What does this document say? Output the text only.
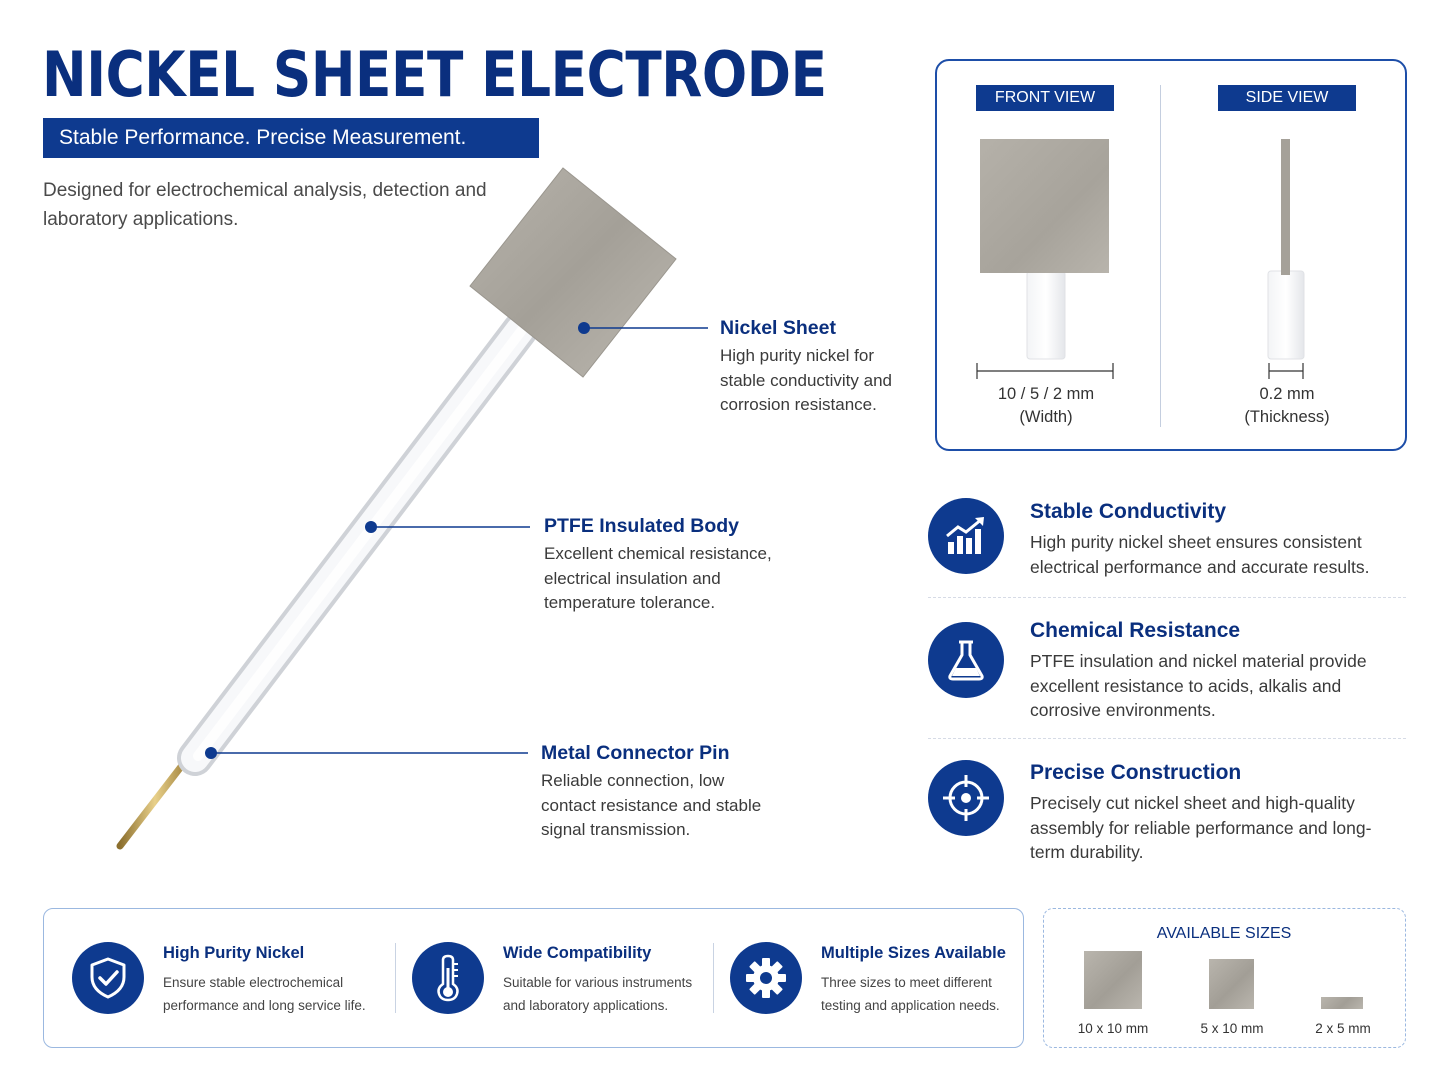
NICKEL SHEET ELECTRODE
Stable Performance. Precise Measurement.
Designed for electrochemical analysis, detection and laboratory applications.
Nickel Sheet
High purity nickel for stable conductivity and corrosion resistance.
PTFE Insulated Body
Excellent chemical resistance, electrical insulation and temperature tolerance.
Metal Connector Pin
Reliable connection, low contact resistance and stable signal transmission.
FRONT VIEW	SIDE VIEW
10 / 5 / 2 mm
(Width)
0.2 mm
(Thickness)
Stable Conductivity
High purity nickel sheet ensures consistent electrical performance and accurate results.
Chemical Resistance
PTFE insulation and nickel material provide excellent resistance to acids, alkalis and corrosive environments.
Precise Construction
Precisely cut nickel sheet and high-quality assembly for reliable performance and long-term durability.
High Purity Nickel
Ensure stable electrochemical
performance and long service life.
Wide Compatibility
Suitable for various instruments
and laboratory applications.
Multiple Sizes Available
Three sizes to meet different
testing and application needs.
AVAILABLE SIZES
10 x 10 mm	5 x 10 mm	2 x 5 mm
